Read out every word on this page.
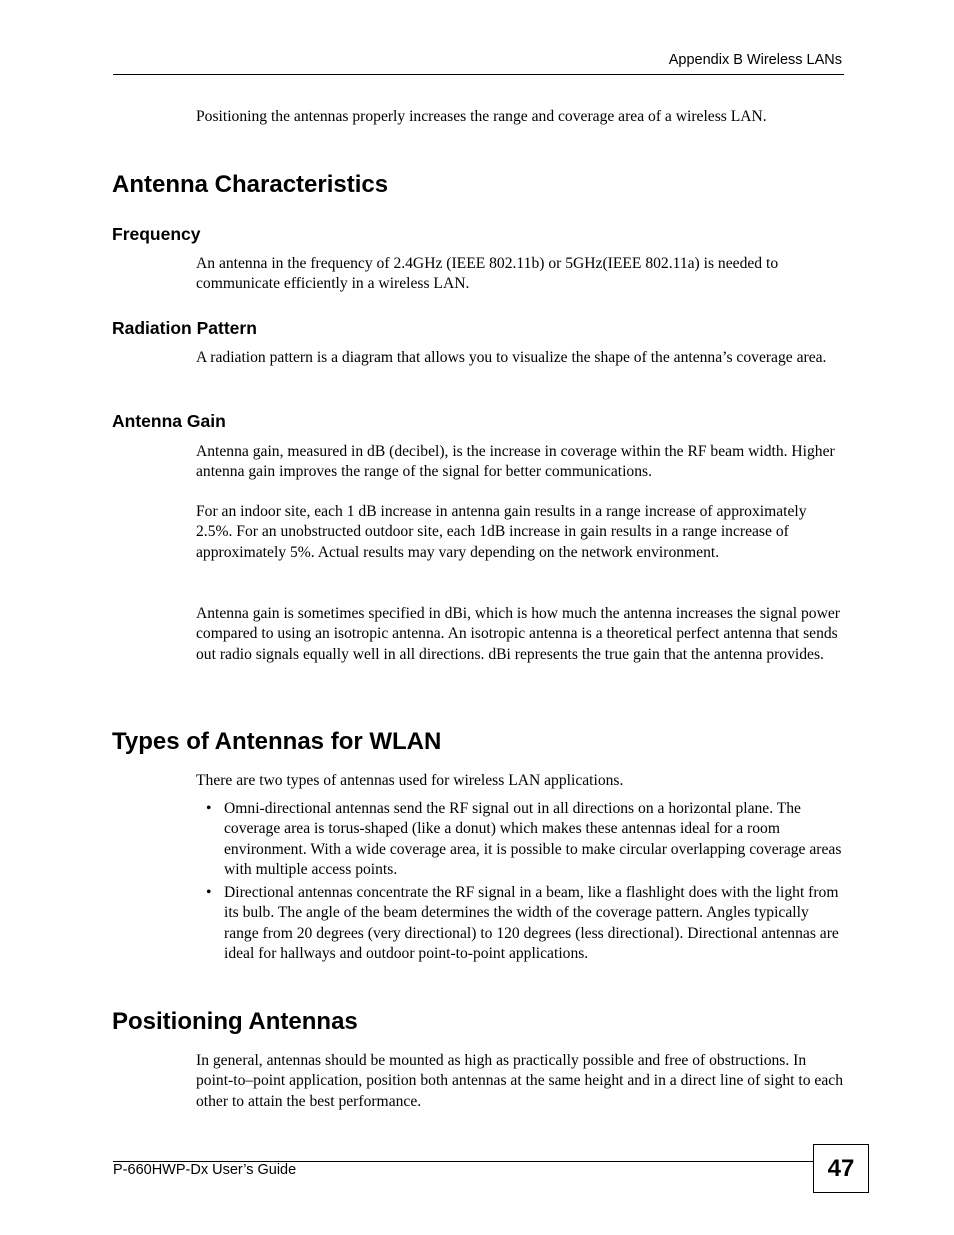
Appendix B Wireless LANs

Positioning the antennas properly increases the range and coverage area of a wireless LAN.

Antenna Characteristics
Frequency

An antenna in the frequency of 2.4GHz (IEEE 802.11b) or 5GHz(IEEE 802.11a) is needed to communicate efficiently in a wireless LAN.

Radiation Pattern

A radiation pattern is a diagram that allows you to visualize the shape of the antenna’s coverage area.

Antenna Gain

Antenna gain, measured in dB (decibel), is the increase in coverage within the RF beam width. Higher antenna gain improves the range of the signal for better communications.

For an indoor site, each 1 dB increase in antenna gain results in a range increase of approximately 2.5%. For an unobstructed outdoor site, each 1dB increase in gain results in a range increase of approximately 5%. Actual results may vary depending on the network environment.

Antenna gain is sometimes specified in dBi, which is how much the antenna increases the signal power compared to using an isotropic antenna. An isotropic antenna is a theoretical perfect antenna that sends out radio signals equally well in all directions. dBi represents the true gain that the antenna provides.

Types of Antennas for WLAN

There are two types of antennas used for wireless LAN applications.

• Omni-directional antennas send the RF signal out in all directions on a horizontal plane. The coverage area is torus-shaped (like a donut) which makes these antennas ideal for a room environment. With a wide coverage area, it is possible to make circular overlapping coverage areas with multiple access points.
• Directional antennas concentrate the RF signal in a beam, like a flashlight does with the light from its bulb. The angle of the beam determines the width of the coverage pattern. Angles typically range from 20 degrees (very directional) to 120 degrees (less directional). Directional antennas are ideal for hallways and outdoor point-to-point applications.
Positioning Antennas

In general, antennas should be mounted as high as practically possible and free of obstructions. In point-to–point application, position both antennas at the same height and in a direct line of sight to each other to attain the best performance.

P-660HWP-Dx User’s Guide	47
